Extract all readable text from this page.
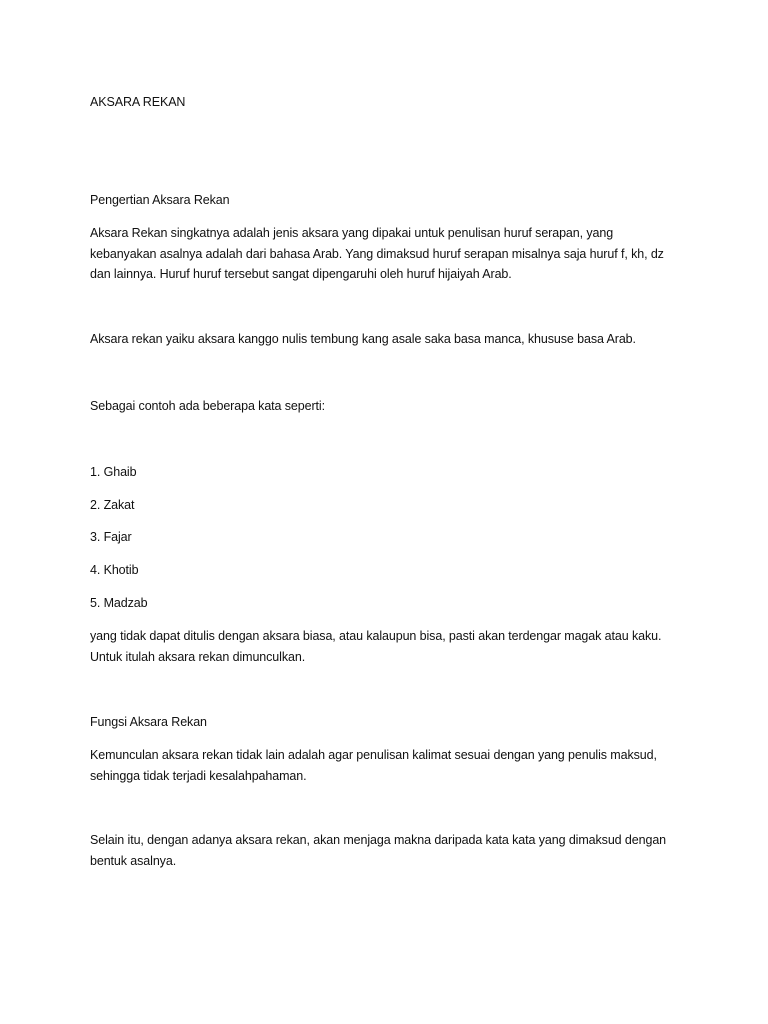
AKSARA REKAN

Pengertian Aksara Rekan

Aksara Rekan singkatnya adalah jenis aksara yang dipakai untuk penulisan huruf serapan, yang
kebanyakan asalnya adalah dari bahasa Arab. Yang dimaksud huruf serapan misalnya saja huruf f, kh, dz
dan lainnya. Huruf huruf tersebut sangat dipengaruhi oleh huruf hijaiyah Arab.

Aksara rekan yaiku aksara kanggo nulis tembung kang asale saka basa manca, khususe basa Arab.

Sebagai contoh ada beberapa kata seperti:

1. Ghaib

2. Zakat

3. Fajar

4. Khotib

5. Madzab

yang tidak dapat ditulis dengan aksara biasa, atau kalaupun bisa, pasti akan terdengar magak atau kaku.
Untuk itulah aksara rekan dimunculkan.

Fungsi Aksara Rekan

Kemunculan aksara rekan tidak lain adalah agar penulisan kalimat sesuai dengan yang penulis maksud,
sehingga tidak terjadi kesalahpahaman.
Selain itu, dengan adanya aksara rekan, akan menjaga makna daripada kata kata yang dimaksud dengan
bentuk asalnya.
